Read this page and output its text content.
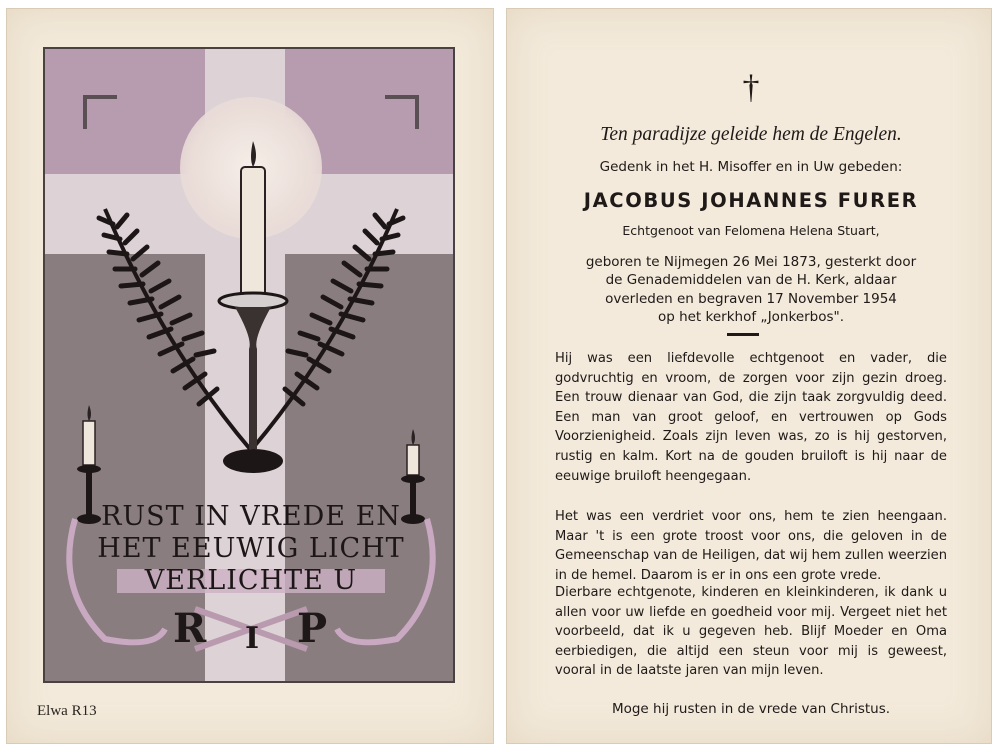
RUST IN VREDE EN
HET EEUWIG LICHT
VERLICHTE U
R I P
Elwa R13
†
Ten paradijze geleide hem de Engelen.
Gedenk in het H. Misoffer en in Uw gebeden:
JACOBUS JOHANNES FURER
Echtgenoot van Felomena Helena Stuart,
geboren te Nijmegen 26 Mei 1873, gesterkt door
de Genademiddelen van de H. Kerk, aldaar
overleden en begraven 17 November 1954
op het kerkhof „Jonkerbos".
Hij was een liefdevolle echtgenoot en vader, die godvruchtig en vroom, de zorgen voor zijn gezin droeg. Een trouw dienaar van God, die zijn taak zorgvuldig deed. Een man van groot geloof, en vertrouwen op Gods Voorzienigheid. Zoals zijn leven was, zo is hij gestorven, rustig en kalm. Kort na de gouden bruiloft is hij naar de eeuwige bruiloft heengegaan.
Het was een verdriet voor ons, hem te zien heengaan. Maar 't is een grote troost voor ons, die geloven in de Gemeenschap van de Heiligen, dat wij hem zullen weerzien in de hemel. Daarom is er in ons een grote vrede.
Dierbare echtgenote, kinderen en kleinkinderen, ik dank u allen voor uw liefde en goedheid voor mij. Vergeet niet het voorbeeld, dat ik u gegeven heb. Blijf Moeder en Oma eerbiedigen, die altijd een steun voor mij is geweest, vooral in de laatste jaren van mijn leven.
Moge hij rusten in de vrede van Christus.
